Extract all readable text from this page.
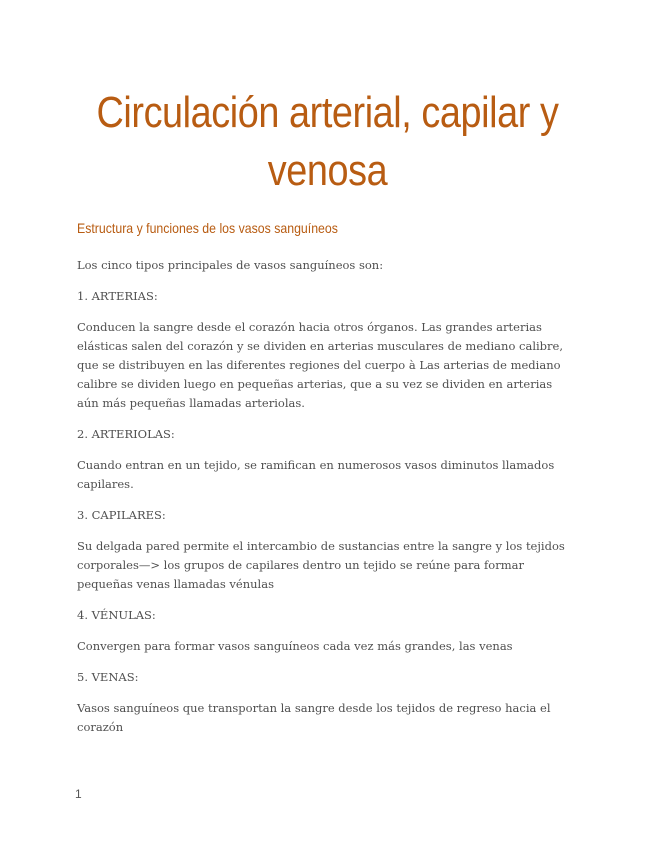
Circulación arterial, capilar y venosa
Estructura y funciones de los vasos sanguíneos

Los cinco tipos principales de vasos sanguíneos son:

1. ARTERIAS:

Conducen la sangre desde el corazón hacia otros órganos. Las grandes arterias elásticas salen del corazón y se dividen en arterias musculares de mediano calibre, que se distribuyen en las diferentes regiones del cuerpo à Las arterias de mediano calibre se dividen luego en pequeñas arterias, que a su vez se dividen en arterias aún más pequeñas llamadas arteriolas.

2. ARTERIOLAS:

Cuando entran en un tejido, se ramifican en numerosos vasos diminutos llamados capilares.

3. CAPILARES:

Su delgada pared permite el intercambio de sustancias entre la sangre y los tejidos corporales—> los grupos de capilares dentro un tejido se reúne para formar pequeñas venas llamadas vénulas

4. VÉNULAS:

Convergen para formar vasos sanguíneos cada vez más grandes, las venas

5. VENAS:

Vasos sanguíneos que transportan la sangre desde los tejidos de regreso hacia el corazón

1
